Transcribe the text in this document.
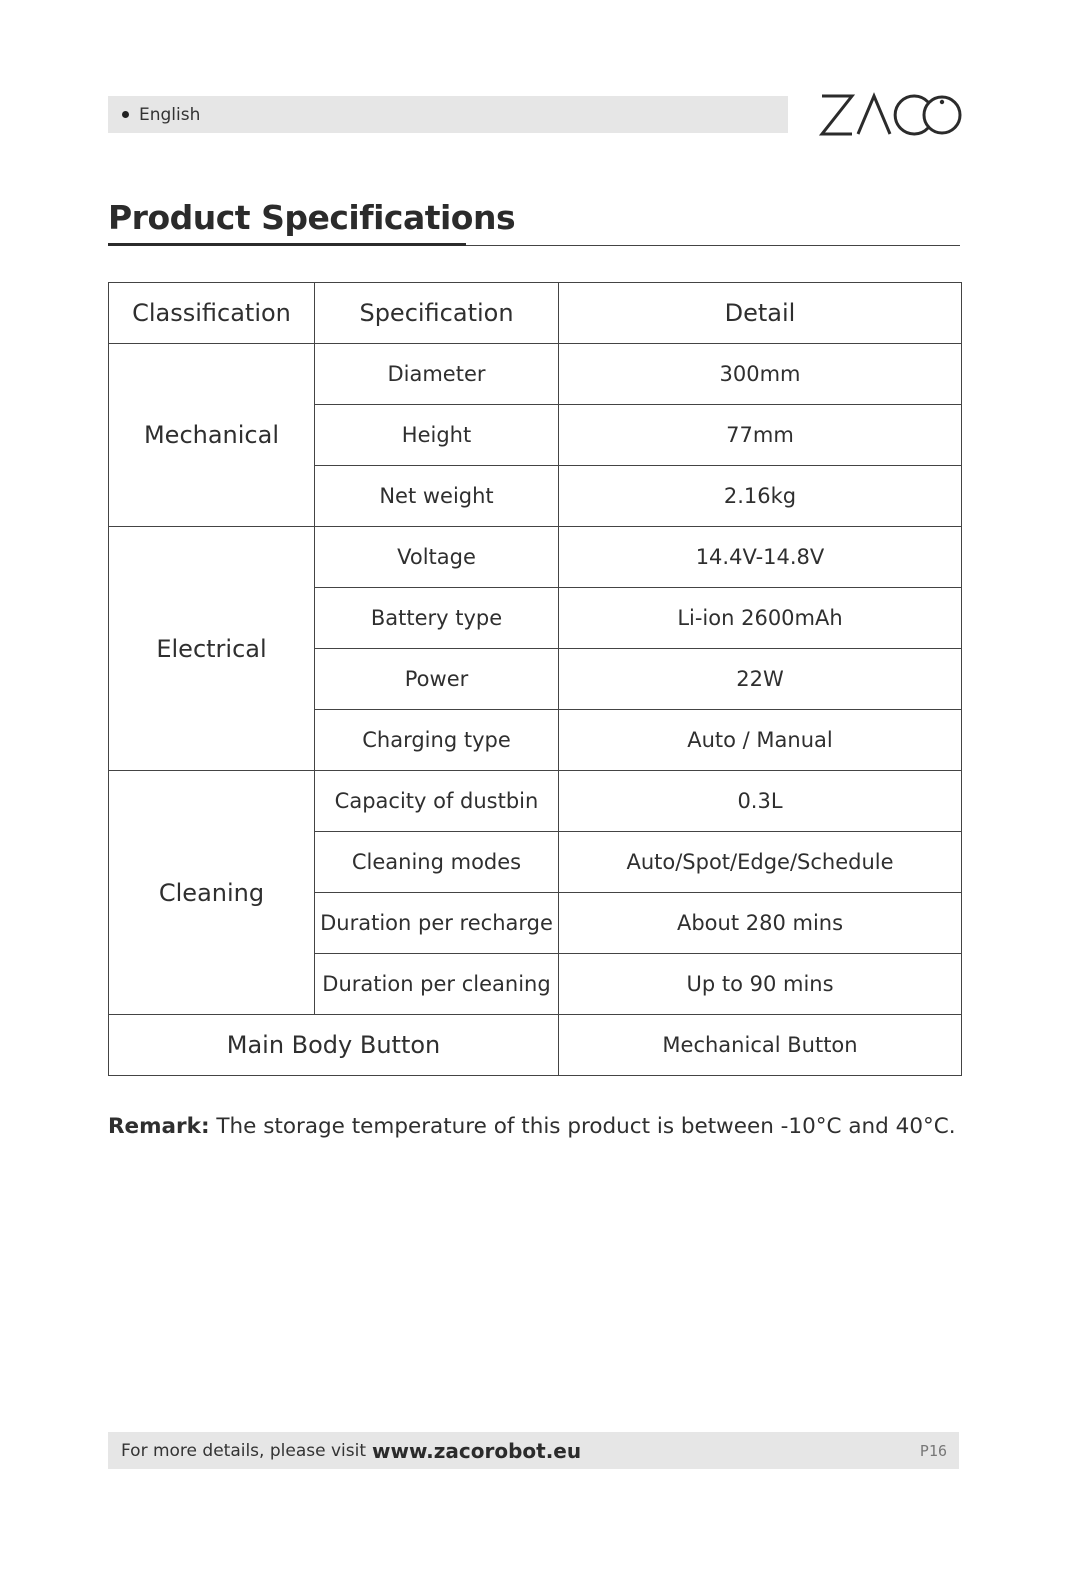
English
Product Specifications
Classification	Specification	Detail
Mechanical	Diameter	300mm
	Height	77mm
	Net weight	2.16kg
Electrical	Voltage	14.4V-14.8V
	Battery type	Li-ion 2600mAh
	Power	22W
	Charging type	Auto / Manual
Cleaning	Capacity of dustbin	0.3L
	Cleaning modes	Auto/Spot/Edge/Schedule
	Duration per recharge	About 280 mins
	Duration per cleaning	Up to 90 mins
Main Body Button		Mechanical Button
Remark: The storage temperature of this product is between -10°C and 40°C.
For more details, please visit www.zacorobot.eu	P16
